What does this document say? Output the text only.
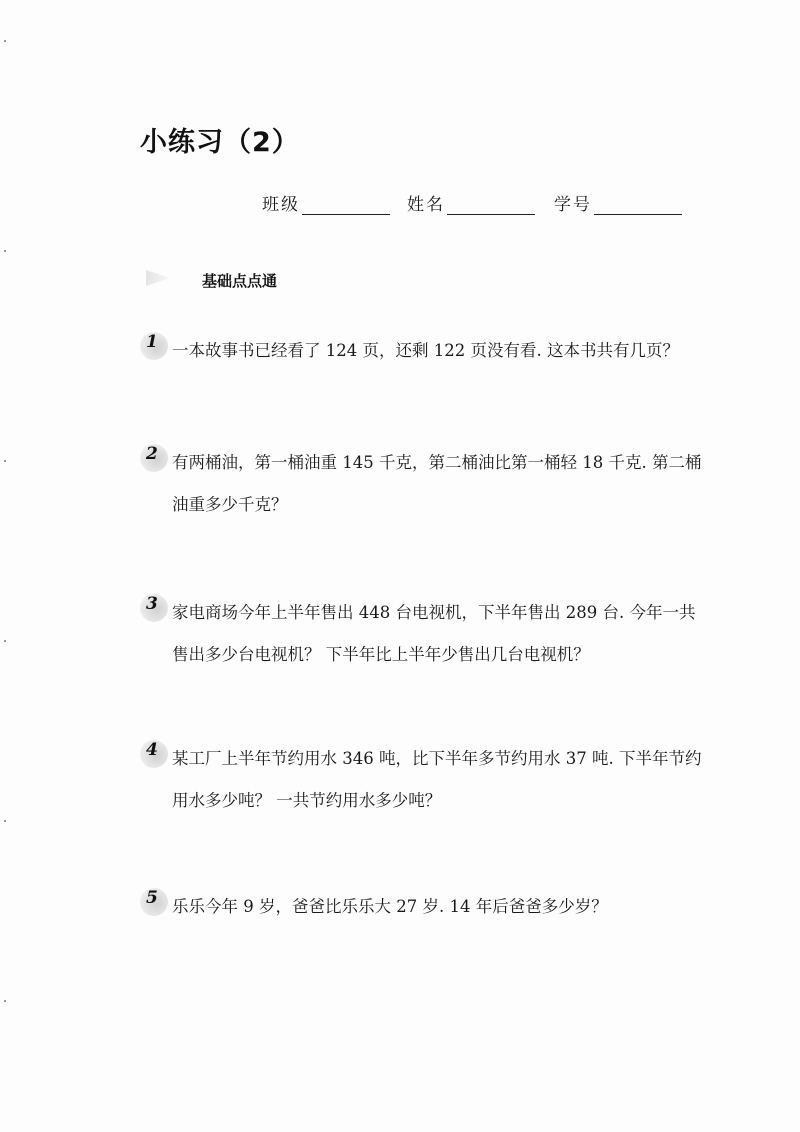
小练习（2）
班级	姓名	学号
基础点点通
1 一本故事书已经看了 124 页，还剩 122 页没有看. 这本书共有几页？
2 有两桶油，第一桶油重 145 千克，第二桶油比第一桶轻 18 千克. 第二桶
油重多少千克？
3 家电商场今年上半年售出 448 台电视机，下半年售出 289 台. 今年一共
售出多少台电视机？ 下半年比上半年少售出几台电视机？
4 某工厂上半年节约用水 346 吨，比下半年多节约用水 37 吨. 下半年节约
用水多少吨？ 一共节约用水多少吨？
5 乐乐今年 9 岁，爸爸比乐乐大 27 岁. 14 年后爸爸多少岁？
